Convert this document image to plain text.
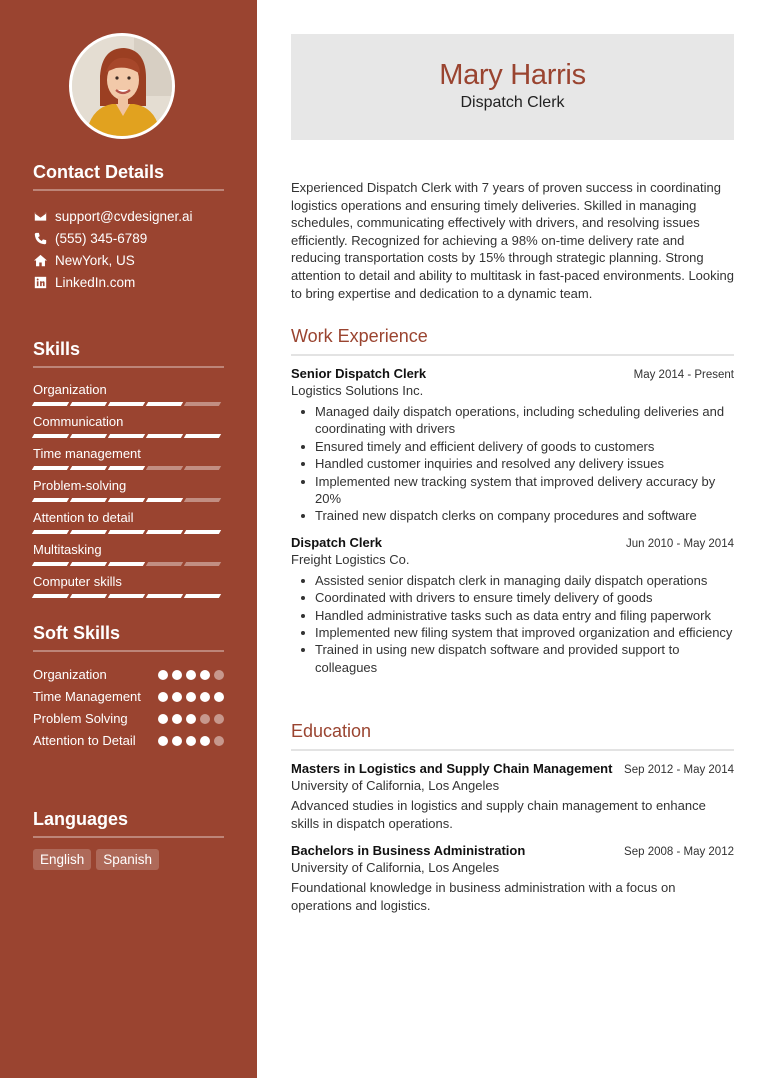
Contact Details
support@cvdesigner.ai
(555) 345-6789
NewYork, US
LinkedIn.com
Skills
Organization
Communication
Time management
Problem-solving
Attention to detail
Multitasking
Computer skills
Soft Skills
Organization
Time Management
Problem Solving
Attention to Detail
Languages
English	Spanish
Mary Harris
Dispatch Clerk
Experienced Dispatch Clerk with 7 years of proven success in coordinating logistics operations and ensuring timely deliveries. Skilled in managing schedules, communicating effectively with drivers, and resolving issues efficiently. Recognized for achieving a 98% on-time delivery rate and reducing transportation costs by 15% through strategic planning. Strong attention to detail and ability to multitask in fast-paced environments. Looking to bring expertise and dedication to a dynamic team.
Work Experience
Senior Dispatch Clerk	May 2014 - Present
Logistics Solutions Inc.
Managed daily dispatch operations, including scheduling deliveries and coordinating with drivers
Ensured timely and efficient delivery of goods to customers
Handled customer inquiries and resolved any delivery issues
Implemented new tracking system that improved delivery accuracy by 20%
Trained new dispatch clerks on company procedures and software
Dispatch Clerk	Jun 2010 - May 2014
Freight Logistics Co.
Assisted senior dispatch clerk in managing daily dispatch operations
Coordinated with drivers to ensure timely delivery of goods
Handled administrative tasks such as data entry and filing paperwork
Implemented new filing system that improved organization and efficiency
Trained in using new dispatch software and provided support to colleagues
Education
Masters in Logistics and Supply Chain Management Sep 2012 - May 2014
University of California, Los Angeles
Advanced studies in logistics and supply chain management to enhance skills in dispatch operations.
Bachelors in Business Administration	Sep 2008 - May 2012
University of California, Los Angeles
Foundational knowledge in business administration with a focus on operations and logistics.
